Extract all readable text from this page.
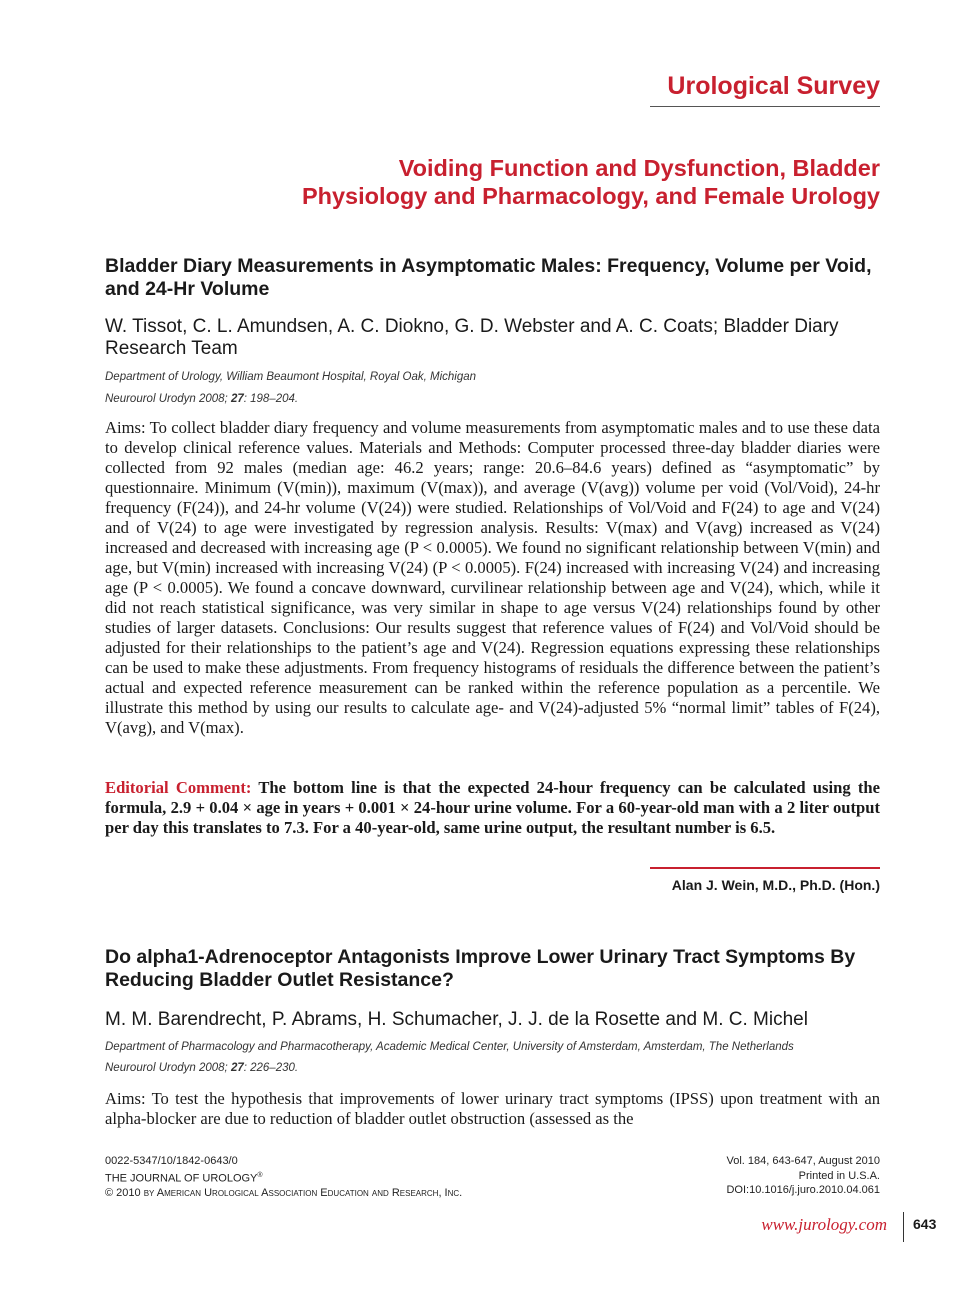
Urological Survey
Voiding Function and Dysfunction, Bladder
Physiology and Pharmacology, and Female Urology
Bladder Diary Measurements in Asymptomatic Males: Frequency, Volume per Void, and 24-Hr Volume
W. Tissot, C. L. Amundsen, A. C. Diokno, G. D. Webster and A. C. Coats; Bladder Diary Research Team
Department of Urology, William Beaumont Hospital, Royal Oak, Michigan
Neurourol Urodyn 2008; 27: 198–204.
Aims: To collect bladder diary frequency and volume measurements from asymptomatic males and to use these data to develop clinical reference values. Materials and Methods: Computer processed three-day bladder diaries were collected from 92 males (median age: 46.2 years; range: 20.6–84.6 years) defined as “asymptomatic” by questionnaire. Minimum (V(min)), maximum (V(max)), and average (V(avg)) volume per void (Vol/Void), 24-hr frequency (F(24)), and 24-hr volume (V(24)) were studied. Relationships of Vol/Void and F(24) to age and V(24) and of V(24) to age were investigated by regression analysis. Results: V(max) and V(avg) increased as V(24) increased and decreased with increasing age (P < 0.0005). We found no significant relationship between V(min) and age, but V(min) increased with increasing V(24) (P < 0.0005). F(24) increased with increasing V(24) and increasing age (P < 0.0005). We found a concave downward, curvilinear relationship between age and V(24), which, while it did not reach statistical significance, was very similar in shape to age versus V(24) relationships found by other studies of larger datasets. Conclusions: Our results suggest that reference values of F(24) and Vol/Void should be adjusted for their relationships to the patient’s age and V(24). Regression equations expressing these relationships can be used to make these adjustments. From frequency histograms of residuals the difference between the patient’s actual and expected reference measurement can be ranked within the reference population as a percentile. We illustrate this method by using our results to calculate age- and V(24)-adjusted 5% “normal limit” tables of F(24), V(avg), and V(max).
Editorial Comment: The bottom line is that the expected 24-hour frequency can be calculated using the formula, 2.9 + 0.04 × age in years + 0.001 × 24-hour urine volume. For a 60-year-old man with a 2 liter output per day this translates to 7.3. For a 40-year-old, same urine output, the resultant number is 6.5.
Alan J. Wein, M.D., Ph.D. (Hon.)
Do alpha1-Adrenoceptor Antagonists Improve Lower Urinary Tract Symptoms By Reducing Bladder Outlet Resistance?
M. M. Barendrecht, P. Abrams, H. Schumacher, J. J. de la Rosette and M. C. Michel
Department of Pharmacology and Pharmacotherapy, Academic Medical Center, University of Amsterdam, Amsterdam, The Netherlands
Neurourol Urodyn 2008; 27: 226–230.
Aims: To test the hypothesis that improvements of lower urinary tract symptoms (IPSS) upon treatment with an alpha-blocker are due to reduction of bladder outlet obstruction (assessed as the
0022-5347/10/1842-0643/0
THE JOURNAL OF UROLOGY®
© 2010 by American Urological Association Education and Research, Inc.
Vol. 184, 643-647, August 2010
Printed in U.S.A.
DOI:10.1016/j.juro.2010.04.061
www.jurology.com 643
